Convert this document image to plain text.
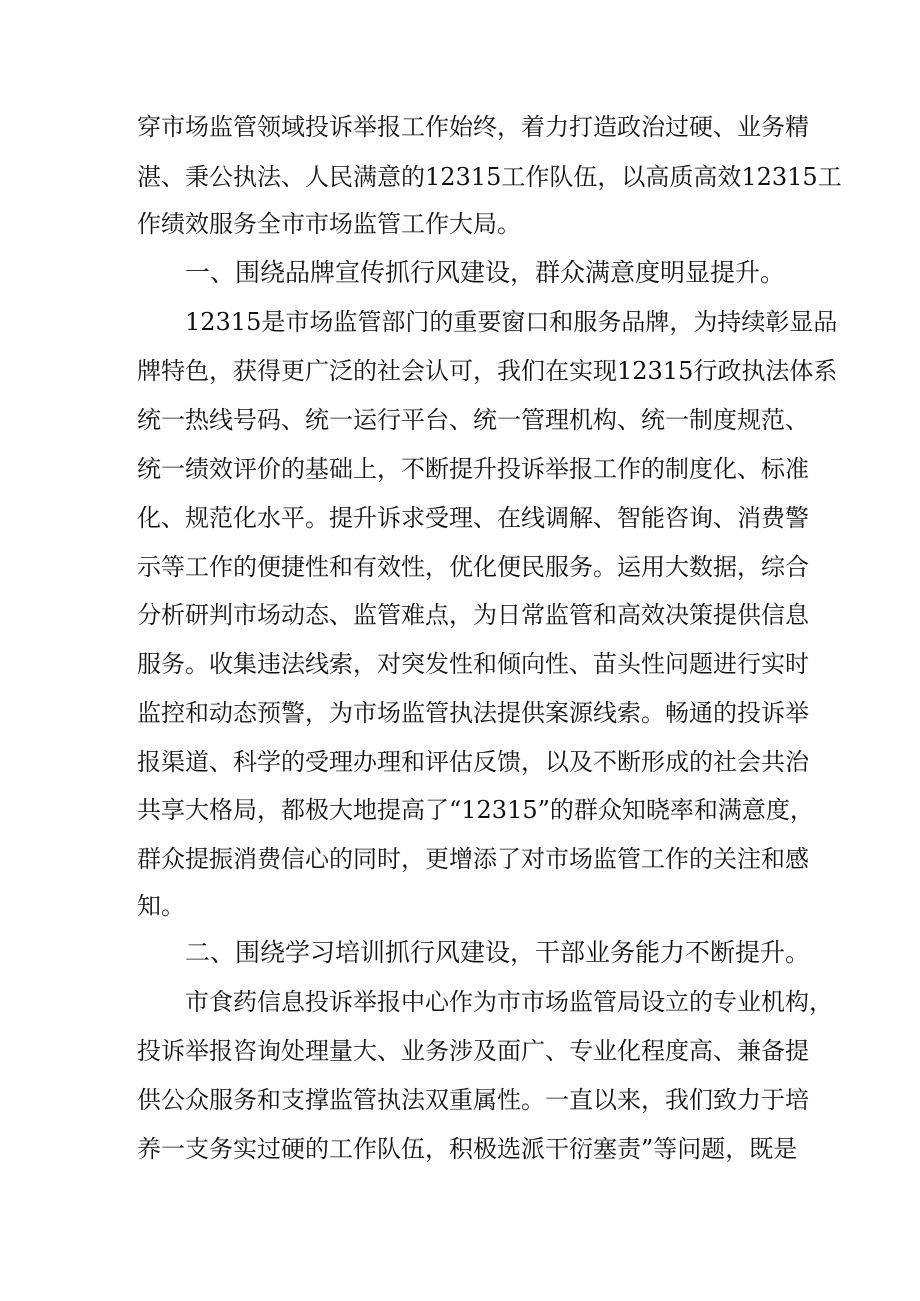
穿市场监管领域投诉举报工作始终，着力打造政治过硬、业务精
湛、秉公执法、人民满意的12315工作队伍，以高质高效12315工
作绩效服务全市市场监管工作大局。
一、围绕品牌宣传抓行风建设，群众满意度明显提升。
12315是市场监管部门的重要窗口和服务品牌，为持续彰显品
牌特色，获得更广泛的社会认可，我们在实现12315行政执法体系
统一热线号码、统一运行平台、统一管理机构、统一制度规范、
统一绩效评价的基础上，不断提升投诉举报工作的制度化、标准
化、规范化水平。提升诉求受理、在线调解、智能咨询、消费警
示等工作的便捷性和有效性，优化便民服务。运用大数据，综合
分析研判市场动态、监管难点，为日常监管和高效决策提供信息
服务。收集违法线索，对突发性和倾向性、苗头性问题进行实时
监控和动态预警，为市场监管执法提供案源线索。畅通的投诉举
报渠道、科学的受理办理和评估反馈，以及不断形成的社会共治
共享大格局，都极大地提高了“12315”的群众知晓率和满意度，
群众提振消费信心的同时，更增添了对市场监管工作的关注和感
知。
二、围绕学习培训抓行风建设，干部业务能力不断提升。
市食药信息投诉举报中心作为市市场监管局设立的专业机构，
投诉举报咨询处理量大、业务涉及面广、专业化程度高、兼备提
供公众服务和支撑监管执法双重属性。一直以来，我们致力于培
养一支务实过硬的工作队伍，积极选派干衍塞责”等问题，既是
